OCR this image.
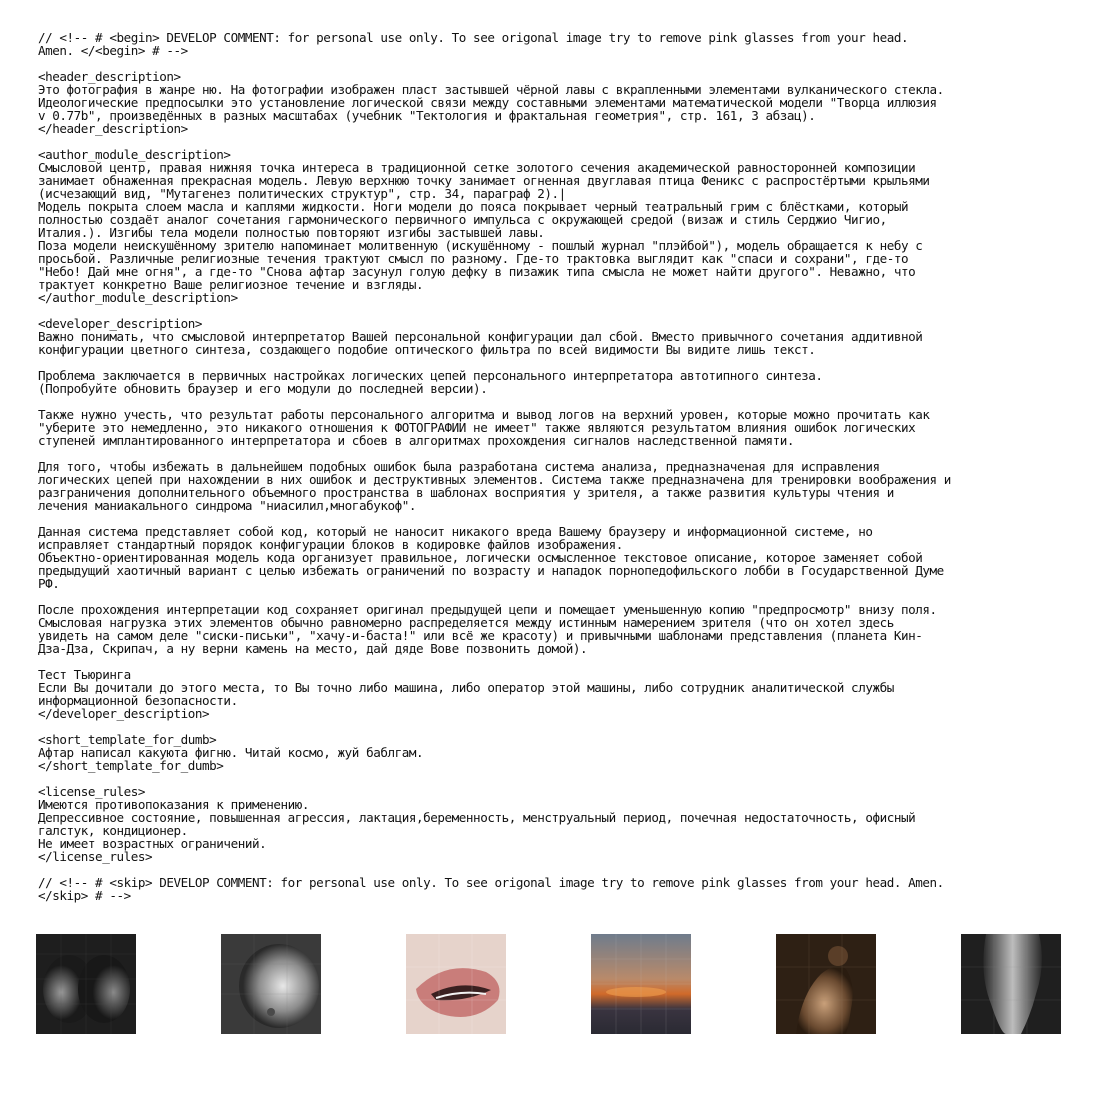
// <!-- # <begin> DEVELOP COMMENT: for personal use only. To see origonal image try to remove pink glasses from your head.
Amen. </<begin> # -->
<header_description>
Это фотография в жанре ню. На фотографии изображен пласт застывшей чёрной лавы с вкрапленными элементами вулканического стекла.
Идеологические предпосылки это установление логической связи между составными элементами математической модели "Творца иллюзия
v 0.77b", произведённых в разных масштабах (учебник "Тектология и фрактальная геометрия", стр. 161, 3 абзац).
</header_description>
<author_module_description>
Смысловой центр, правая нижняя точка интереса в традиционной сетке золотого сечения академической равносторонней композиции
занимает обнаженная прекрасная модель. Левую верхнюю точку занимает огненная двуглавая птица Феникс с распростёртыми крыльями
(исчезающий вид, "Мутагенез политических структур", стр. 34, параграф 2).|
Модель покрыта слоем масла и каплями жидкости. Ноги модели до пояса покрывает черный театральный грим с блёстками, который
полностью создаёт аналог сочетания гармонического первичного импульса с окружающей средой (визаж и стиль Серджио Чигио,
Италия.). Изгибы тела модели полностью повторяют изгибы застывшей лавы.
Поза модели неискушённому зрителю напоминает молитвенную (искушённому - пошлый журнал "плэйбой"), модель обращается к небу с
просьбой. Различные религиозные течения трактуют смысл по разному. Где-то трактовка выглядит как "спаси и сохрани", где-то
"Небо! Дай мне огня", а где-то "Снова афтар засунул голую дефку в пизажик типа смысла не может найти другого". Неважно, что
трактует конкретно Ваше религиозное течение и взгляды.
</author_module_description>
<developer_description>
Важно понимать, что смысловой интерпретатор Вашей персональной конфигурации дал сбой. Вместо привычного сочетания аддитивной
конфигурации цветного синтеза, создающего подобие оптического фильтра по всей видимости Вы видите лишь текст.
Проблема заключается в первичных настройках логических цепей персонального интерпретатора автотипного синтеза.
(Попробуйте обновить браузер и его модули до последней версии).
Также нужно учесть, что результат работы персонального алгоритма и вывод логов на верхний уровен, которые можно прочитать как
"уберите это немедленно, это никакого отношения к ФОТОГРАФИИ не имеет" также являются результатом влияния ошибок логических
ступеней имплантированного интерпретатора и сбоев в алгоритмах прохождения сигналов наследственной памяти.
Для того, чтобы избежать в дальнейшем подобных ошибок была разработана система анализа, предназначеная для исправления
логических цепей при нахождении в них ошибок и деструктивных элементов. Система также предназначена для тренировки воображения и
разграничения дополнительного объемного пространства в шаблонах восприятия у зрителя, а также развития культуры чтения и
лечения маниакального синдрома "ниасилил,многабукоф".
Данная система представляет собой код, который не наносит никакого вреда Вашему браузеру и информационной системе, но
исправляет стандартный порядок конфигурации блоков в кодировке файлов изображения.
Объектно-ориентированная модель кода организует правильное, логически осмысленное текстовое описание, которое заменяет собой
предыдущий хаотичный вариант с целью избежать ограничений по возрасту и нападок порнопедофильского лобби в Государственной Думе
РФ.
После прохождения интерпретации код сохраняет оригинал предыдущей цепи и помещает уменьшенную копию "предпросмотр" внизу поля.
Смысловая нагрузка этих элементов обычно равномерно распределяется между истинным намерением зрителя (что он хотел здесь
увидеть на самом деле "сиски-письки", "хачу-и-баста!" или всё же красоту) и привычными шаблонами представления (планета Кин-
Дза-Дза, Скрипач, а ну верни камень на место, дай дяде Вове позвонить домой).
Тест Тьюринга
Если Вы дочитали до этого места, то Вы точно либо машина, либо оператор этой машины, либо сотрудник аналитической службы
информационной безопасности.
</developer_description>
<short_template_for_dumb>
Афтар написал какуюта фигню. Читай космо, жуй баблгам.
</short_template_for_dumb>
<license_rules>
Имеются противопоказания к применению.
Депрессивное состояние, повышенная агрессия, лактация,беременность, менструальный период, почечная недостаточность, офисный
галстук, кондиционер.
Не имеет возрастных ограничений.
</license_rules>
// <!-- # <skip> DEVELOP COMMENT: for personal use only. To see origonal image try to remove pink glasses from your head. Amen.
</skip> # -->
